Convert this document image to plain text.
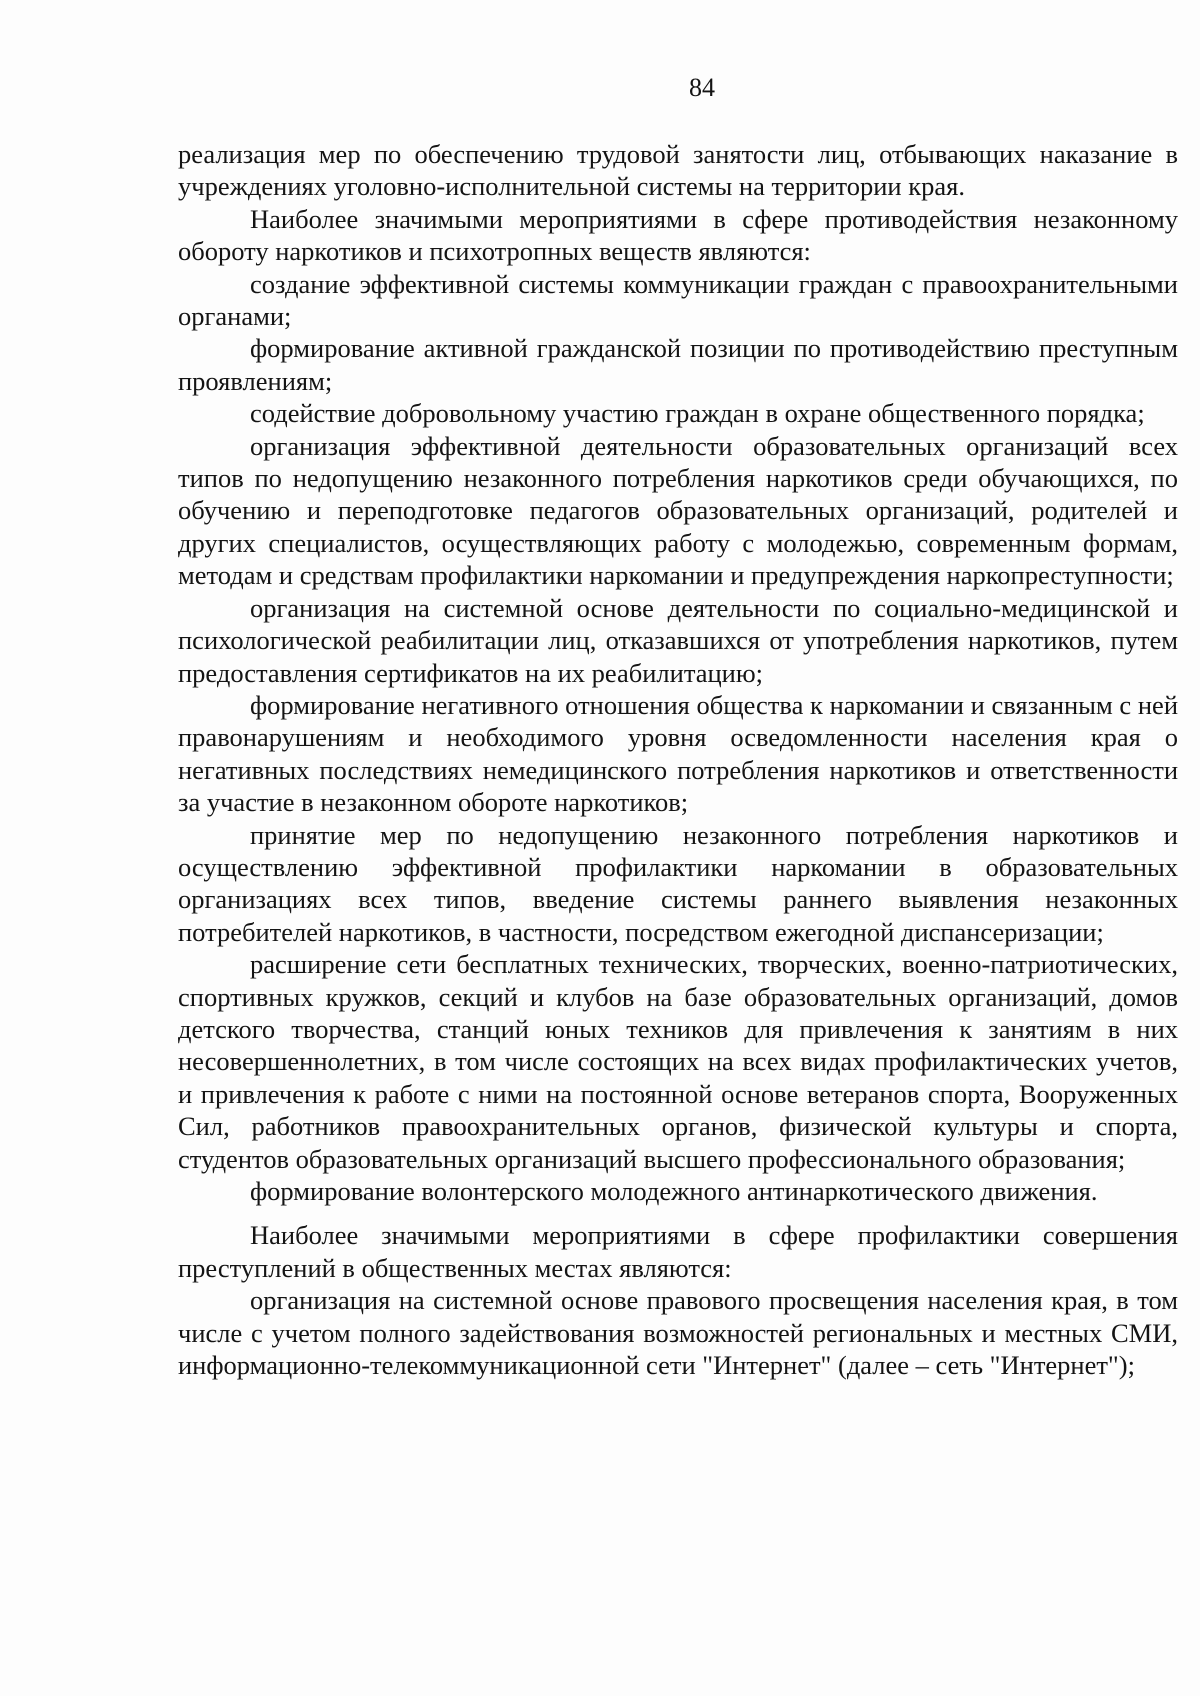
84

реализация мер по обеспечению трудовой занятости лиц, отбывающих наказание в учреждениях уголовно-исполнительной системы на территории края.

Наиболее значимыми мероприятиями в сфере противодействия незаконному обороту наркотиков и психотропных веществ являются:

создание эффективной системы коммуникации граждан с правоохранительными органами;

формирование активной гражданской позиции по противодействию преступным проявлениям;

содействие добровольному участию граждан в охране общественного порядка;

организация эффективной деятельности образовательных организаций всех типов по недопущению незаконного потребления наркотиков среди обучающихся, по обучению и переподготовке педагогов образовательных организаций, родителей и других специалистов, осуществляющих работу с молодежью, современным формам, методам и средствам профилактики наркомании и предупреждения наркопреступности;

организация на системной основе деятельности по социально-медицинской и психологической реабилитации лиц, отказавшихся от употребления наркотиков, путем предоставления сертификатов на их реабилитацию;

формирование негативного отношения общества к наркомании и связанным с ней правонарушениям и необходимого уровня осведомленности населения края о негативных последствиях немедицинского потребления наркотиков и ответственности за участие в незаконном обороте наркотиков;

принятие мер по недопущению незаконного потребления наркотиков и осуществлению эффективной профилактики наркомании в образовательных организациях всех типов, введение системы раннего выявления незаконных потребителей наркотиков, в частности, посредством ежегодной диспансеризации;

расширение сети бесплатных технических, творческих, военно-патриотических, спортивных кружков, секций и клубов на базе образовательных организаций, домов детского творчества, станций юных техников для привлечения к занятиям в них несовершеннолетних, в том числе состоящих на всех видах профилактических учетов, и привлечения к работе с ними на постоянной основе ветеранов спорта, Вооруженных Сил, работников правоохранительных органов, физической культуры и спорта, студентов образовательных организаций высшего профессионального образования;

формирование волонтерского молодежного антинаркотического движения.

Наиболее значимыми мероприятиями в сфере профилактики совершения преступлений в общественных местах являются:

организация на системной основе правового просвещения населения края, в том числе с учетом полного задействования возможностей региональных и местных СМИ, информационно-телекоммуникационной сети "Интернет" (далее – сеть "Интернет");
